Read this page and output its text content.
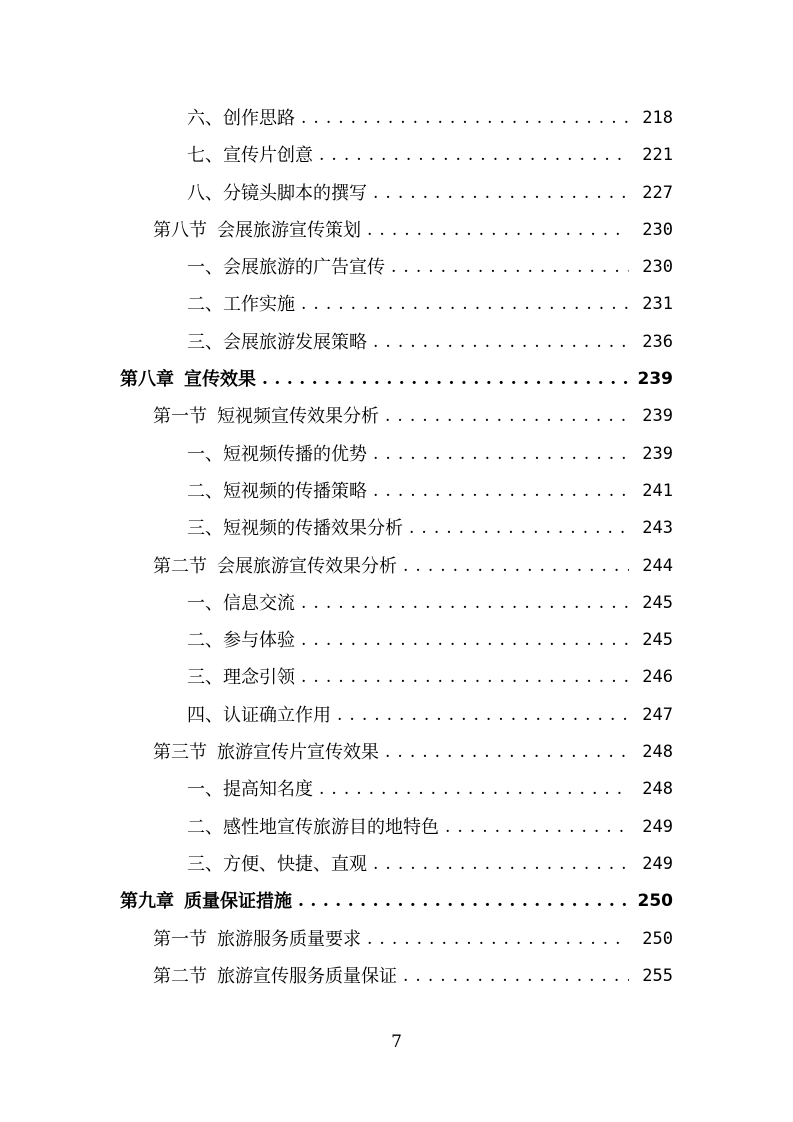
六、创作思路 . . .	218
七、宣传片创意 . . .	221
八、分镜头脚本的撰写 . . .	227
第八节 会展旅游宣传策划 . . .	230
一、会展旅游的广告宣传 . . .	230
二、工作实施 . . .	231
三、会展旅游发展策略 . . .	236
第八章 宣传效果 . . .	239
第一节 短视频宣传效果分析 . . .	239
一、短视频传播的优势 . . .	239
二、短视频的传播策略 . . .	241
三、短视频的传播效果分析 . . .	243
第二节 会展旅游宣传效果分析 . . .	244
一、信息交流 . . .	245
二、参与体验 . . .	245
三、理念引领 . . .	246
四、认证确立作用 . . .	247
第三节 旅游宣传片宣传效果 . . .	248
一、提高知名度 . . .	248
二、感性地宣传旅游目的地特色 . . .	249
三、方便、快捷、直观 . . .	249
第九章 质量保证措施 . . .	250
第一节 旅游服务质量要求 . . .	250
第二节 旅游宣传服务质量保证 . . .	255
7
